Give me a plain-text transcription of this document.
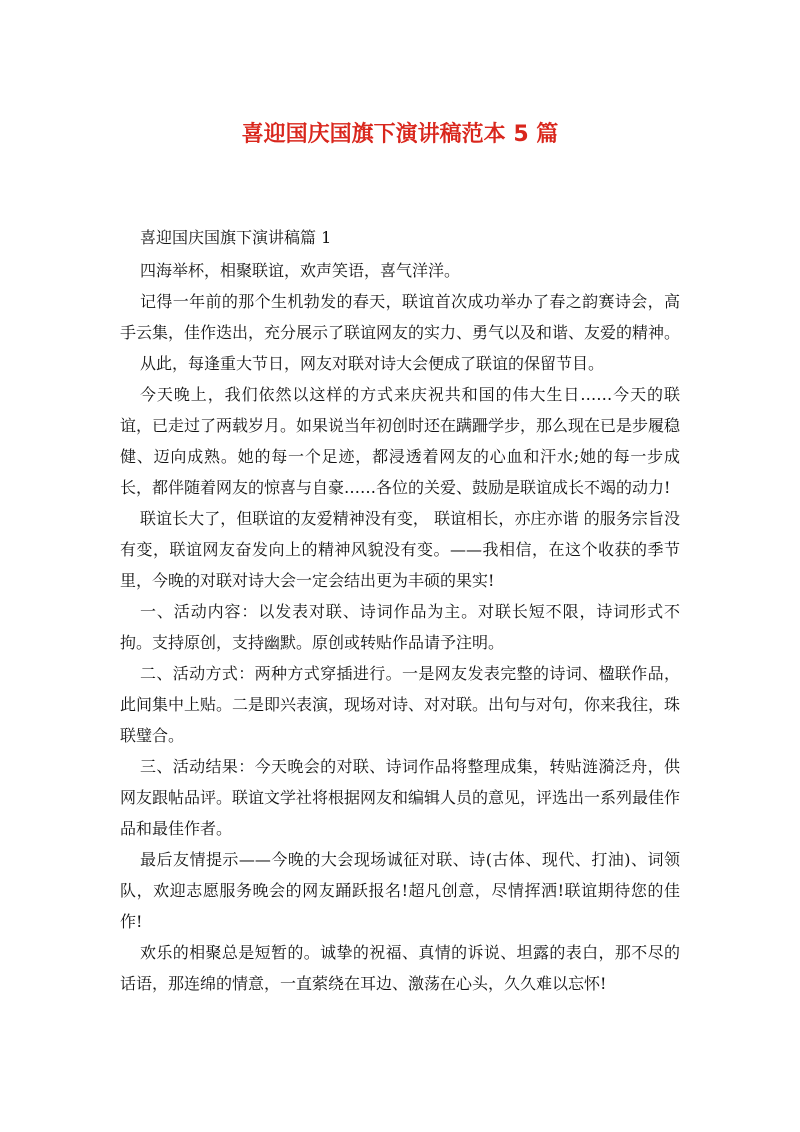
喜迎国庆国旗下演讲稿范本 5 篇

喜迎国庆国旗下演讲稿篇 1

四海举杯，相聚联谊，欢声笑语，喜气洋洋。

记得一年前的那个生机勃发的春天，联谊首次成功举办了春之韵赛诗会，高手云集，佳作迭出，充分展示了联谊网友的实力、勇气以及和谐、友爱的精神。

从此，每逢重大节日，网友对联对诗大会便成了联谊的保留节目。

今天晚上，我们依然以这样的方式来庆祝共和国的伟大生日……今天的联谊，已走过了两载岁月。如果说当年初创时还在蹒跚学步，那么现在已是步履稳健、迈向成熟。她的每一个足迹，都浸透着网友的心血和汗水;她的每一步成长，都伴随着网友的惊喜与自豪……各位的关爱、鼓励是联谊成长不竭的动力!

联谊长大了，但联谊的友爱精神没有变， 联谊相长，亦庄亦谐 的服务宗旨没有变，联谊网友奋发向上的精神风貌没有变。——我相信，在这个收获的季节里，今晚的对联对诗大会一定会结出更为丰硕的果实!

一、活动内容：以发表对联、诗词作品为主。对联长短不限，诗词形式不拘。支持原创，支持幽默。原创或转贴作品请予注明。

二、活动方式：两种方式穿插进行。一是网友发表完整的诗词、楹联作品，此间集中上贴。二是即兴表演，现场对诗、对对联。出句与对句，你来我往，珠联璧合。

三、活动结果：今天晚会的对联、诗词作品将整理成集，转贴涟漪泛舟，供网友跟帖品评。联谊文学社将根据网友和编辑人员的意见，评选出一系列最佳作品和最佳作者。

最后友情提示——今晚的大会现场诚征对联、诗(古体、现代、打油)、词领队，欢迎志愿服务晚会的网友踊跃报名!超凡创意，尽情挥洒!联谊期待您的佳作!

欢乐的相聚总是短暂的。诚挚的祝福、真情的诉说、坦露的表白，那不尽的话语，那连绵的情意，一直萦绕在耳边、激荡在心头，久久难以忘怀!
